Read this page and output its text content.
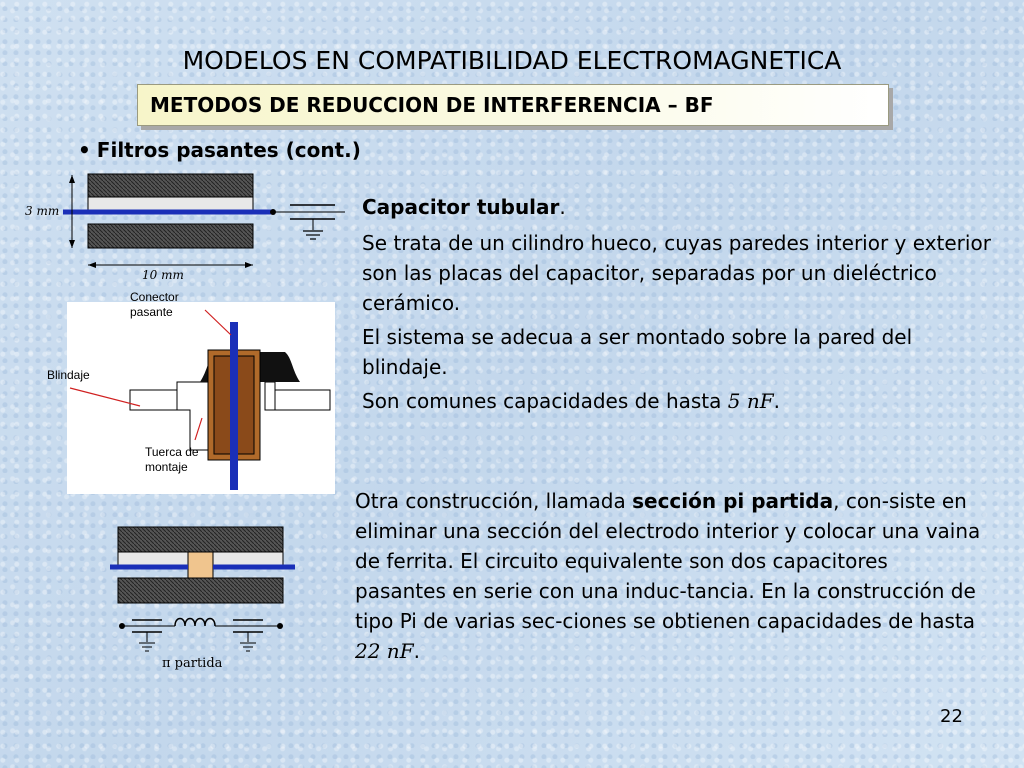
MODELOS EN COMPATIBILIDAD ELECTROMAGNETICA
METODOS DE REDUCCION DE INTERFERENCIA – BF
• Filtros pasantes (cont.)
3 mm
10 mm
Conector pasante
Blindaje
Tuerca de montaje
π partida
Capacitor tubular.
Se trata de un cilindro hueco, cuyas paredes interior y exterior son las placas del capacitor, separadas por un dieléctrico cerámico.
El sistema se adecua a ser montado sobre la pared del blindaje.
Son comunes capacidades de hasta 5 nF.
Otra construcción, llamada sección pi partida, con-siste en eliminar una sección del electrodo interior y colocar una vaina de ferrita. El circuito equivalente son dos capacitores pasantes en serie con una induc-tancia. En la construcción de tipo Pi de varias sec-ciones se obtienen capacidades de hasta 22 nF.
22
